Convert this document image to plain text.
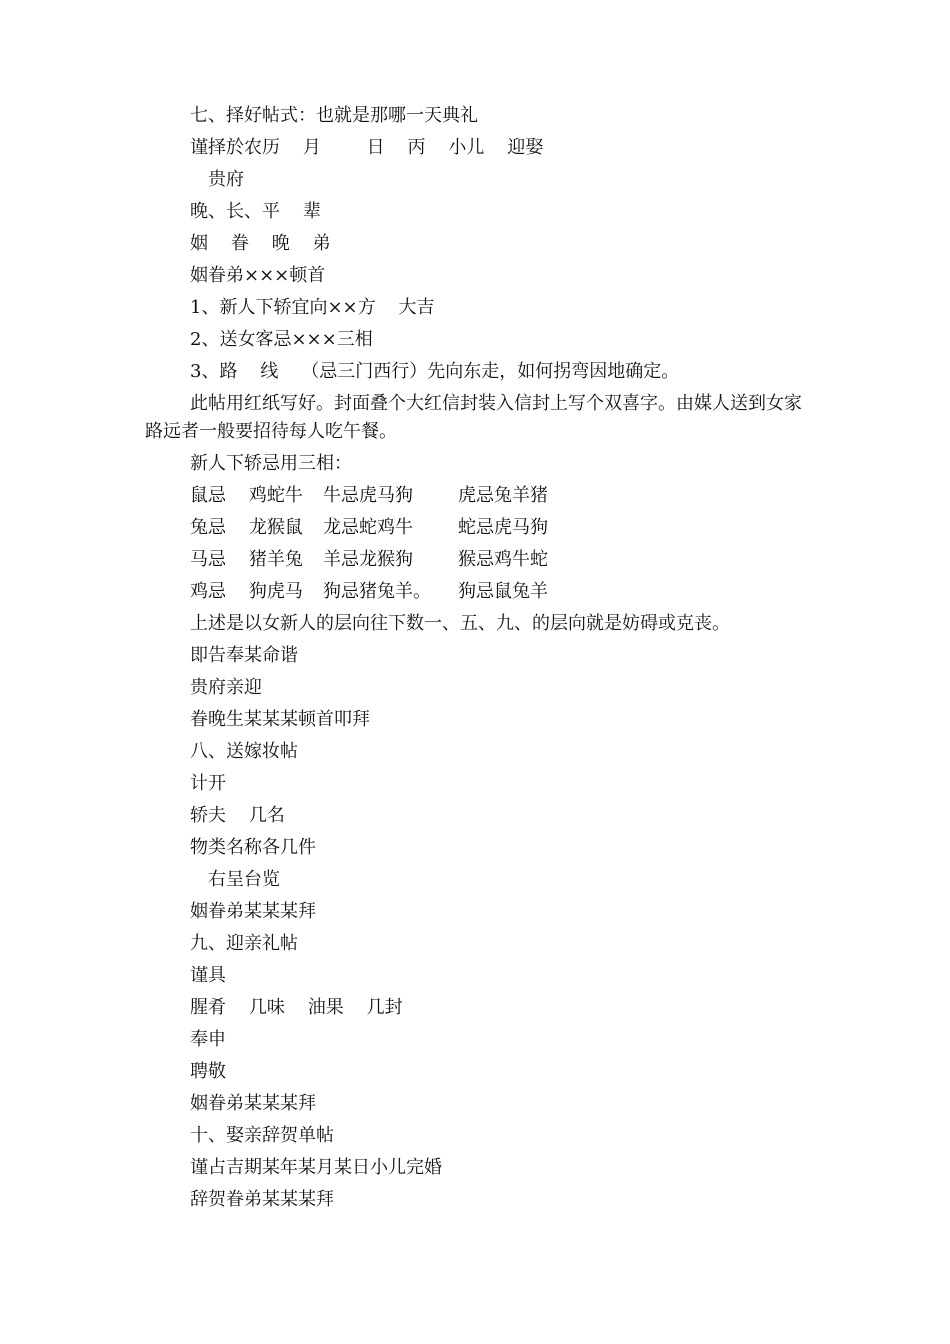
七、择好帖式：也就是那哪一天典礼
谨择於农历    月        日    丙    小儿    迎娶
贵府
晚、长、平    辈
姻    眷    晚    弟
姻眷弟×××顿首
1、新人下轿宜向××方    大吉
2、送女客忌×××三相
3、路    线    （忌三门西行）先向东走，如何拐弯因地确定。
此帖用红纸写好。封面叠个大红信封装入信封上写个双喜字。由媒人送到女家 路远者一般要招待每人吃午餐。
新人下轿忌用三相：
鼠忌    鸡蛇牛	牛忌虎马狗	虎忌兔羊猪
兔忌    龙猴鼠	龙忌蛇鸡牛	蛇忌虎马狗
马忌    猪羊兔	羊忌龙猴狗	猴忌鸡牛蛇
鸡忌    狗虎马	狗忌猪兔羊。	狗忌鼠兔羊
上述是以女新人的层向往下数一、五、九、的层向就是妨碍或克丧。
即告奉某命谐
贵府亲迎
眷晚生某某某顿首叩拜
八、送嫁妆帖
计开
轿夫    几名
物类名称各几件
右呈台览
姻眷弟某某某拜
九、迎亲礼帖
谨具
腥肴    几味    油果    几封
奉申
聘敬
姻眷弟某某某拜
十、娶亲辞贺单帖
谨占吉期某年某月某日小儿完婚
辞贺眷弟某某某拜
